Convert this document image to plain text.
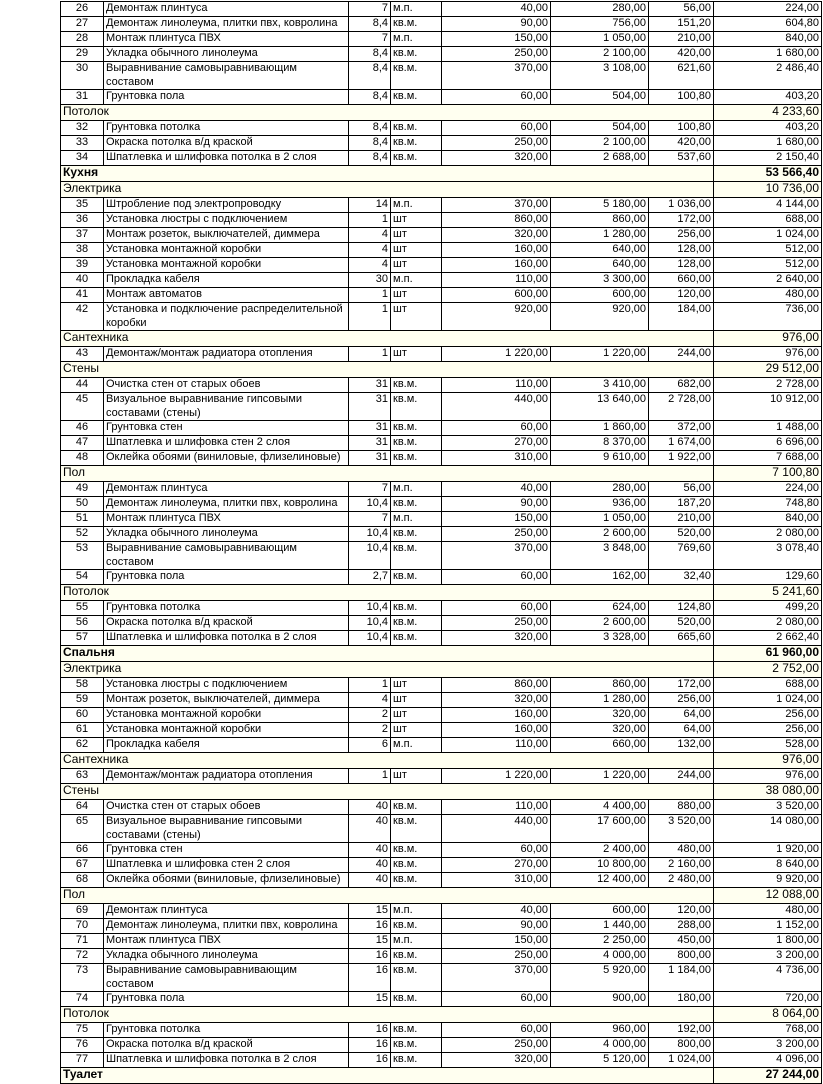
26	Демонтаж плинтуса	7	м.п.	40,00	280,00	56,00	224,00
27	Демонтаж линолеума, плитки пвх, ковролина	8,4	кв.м.	90,00	756,00	151,20	604,80
28	Монтаж плинтуса ПВХ	7	м.п.	150,00	1 050,00	210,00	840,00
29	Укладка обычного линолеума	8,4	кв.м.	250,00	2 100,00	420,00	1 680,00
30	Выравнивание самовыравнивающим составом	8,4	кв.м.	370,00	3 108,00	621,60	2 486,40
31	Грунтовка пола	8,4	кв.м.	60,00	504,00	100,80	403,20
Потолок							4 233,60
32	Грунтовка потолка	8,4	кв.м.	60,00	504,00	100,80	403,20
33	Окраска потолка в/д краской	8,4	кв.м.	250,00	2 100,00	420,00	1 680,00
34	Шпатлевка и шлифовка потолка в 2 слоя	8,4	кв.м.	320,00	2 688,00	537,60	2 150,40
Кухня							53 566,40
Электрика							10 736,00
35	Штробление под электропроводку	14	м.п.	370,00	5 180,00	1 036,00	4 144,00
36	Установка люстры с подключением	1	шт	860,00	860,00	172,00	688,00
37	Монтаж розеток, выключателей, диммера	4	шт	320,00	1 280,00	256,00	1 024,00
38	Установка монтажной коробки	4	шт	160,00	640,00	128,00	512,00
39	Установка монтажной коробки	4	шт	160,00	640,00	128,00	512,00
40	Прокладка кабеля	30	м.п.	110,00	3 300,00	660,00	2 640,00
41	Монтаж автоматов	1	шт	600,00	600,00	120,00	480,00
42	Установка и подключение распределительной коробки	1	шт	920,00	920,00	184,00	736,00
Сантехника							976,00
43	Демонтаж/монтаж радиатора отопления	1	шт	1 220,00	1 220,00	244,00	976,00
Стены							29 512,00
44	Очистка стен от старых обоев	31	кв.м.	110,00	3 410,00	682,00	2 728,00
45	Визуальное выравнивание гипсовыми составами (стены)	31	кв.м.	440,00	13 640,00	2 728,00	10 912,00
46	Грунтовка стен	31	кв.м.	60,00	1 860,00	372,00	1 488,00
47	Шпатлевка и шлифовка стен 2 слоя	31	кв.м.	270,00	8 370,00	1 674,00	6 696,00
48	Оклейка обоями (виниловые, флизелиновые)	31	кв.м.	310,00	9 610,00	1 922,00	7 688,00
Пол							7 100,80
49	Демонтаж плинтуса	7	м.п.	40,00	280,00	56,00	224,00
50	Демонтаж линолеума, плитки пвх, ковролина	10,4	кв.м.	90,00	936,00	187,20	748,80
51	Монтаж плинтуса ПВХ	7	м.п.	150,00	1 050,00	210,00	840,00
52	Укладка обычного линолеума	10,4	кв.м.	250,00	2 600,00	520,00	2 080,00
53	Выравнивание самовыравнивающим составом	10,4	кв.м.	370,00	3 848,00	769,60	3 078,40
54	Грунтовка пола	2,7	кв.м.	60,00	162,00	32,40	129,60
Потолок							5 241,60
55	Грунтовка потолка	10,4	кв.м.	60,00	624,00	124,80	499,20
56	Окраска потолка в/д краской	10,4	кв.м.	250,00	2 600,00	520,00	2 080,00
57	Шпатлевка и шлифовка потолка в 2 слоя	10,4	кв.м.	320,00	3 328,00	665,60	2 662,40
Спальня							61 960,00
Электрика							2 752,00
58	Установка люстры с подключением	1	шт	860,00	860,00	172,00	688,00
59	Монтаж розеток, выключателей, диммера	4	шт	320,00	1 280,00	256,00	1 024,00
60	Установка монтажной коробки	2	шт	160,00	320,00	64,00	256,00
61	Установка монтажной коробки	2	шт	160,00	320,00	64,00	256,00
62	Прокладка кабеля	6	м.п.	110,00	660,00	132,00	528,00
Сантехника							976,00
63	Демонтаж/монтаж радиатора отопления	1	шт	1 220,00	1 220,00	244,00	976,00
Стены							38 080,00
64	Очистка стен от старых обоев	40	кв.м.	110,00	4 400,00	880,00	3 520,00
65	Визуальное выравнивание гипсовыми составами (стены)	40	кв.м.	440,00	17 600,00	3 520,00	14 080,00
66	Грунтовка стен	40	кв.м.	60,00	2 400,00	480,00	1 920,00
67	Шпатлевка и шлифовка стен 2 слоя	40	кв.м.	270,00	10 800,00	2 160,00	8 640,00
68	Оклейка обоями (виниловые, флизелиновые)	40	кв.м.	310,00	12 400,00	2 480,00	9 920,00
Пол							12 088,00
69	Демонтаж плинтуса	15	м.п.	40,00	600,00	120,00	480,00
70	Демонтаж линолеума, плитки пвх, ковролина	16	кв.м.	90,00	1 440,00	288,00	1 152,00
71	Монтаж плинтуса ПВХ	15	м.п.	150,00	2 250,00	450,00	1 800,00
72	Укладка обычного линолеума	16	кв.м.	250,00	4 000,00	800,00	3 200,00
73	Выравнивание самовыравнивающим составом	16	кв.м.	370,00	5 920,00	1 184,00	4 736,00
74	Грунтовка пола	15	кв.м.	60,00	900,00	180,00	720,00
Потолок							8 064,00
75	Грунтовка потолка	16	кв.м.	60,00	960,00	192,00	768,00
76	Окраска потолка в/д краской	16	кв.м.	250,00	4 000,00	800,00	3 200,00
77	Шпатлевка и шлифовка потолка в 2 слоя	16	кв.м.	320,00	5 120,00	1 024,00	4 096,00
Туалет							27 244,00
